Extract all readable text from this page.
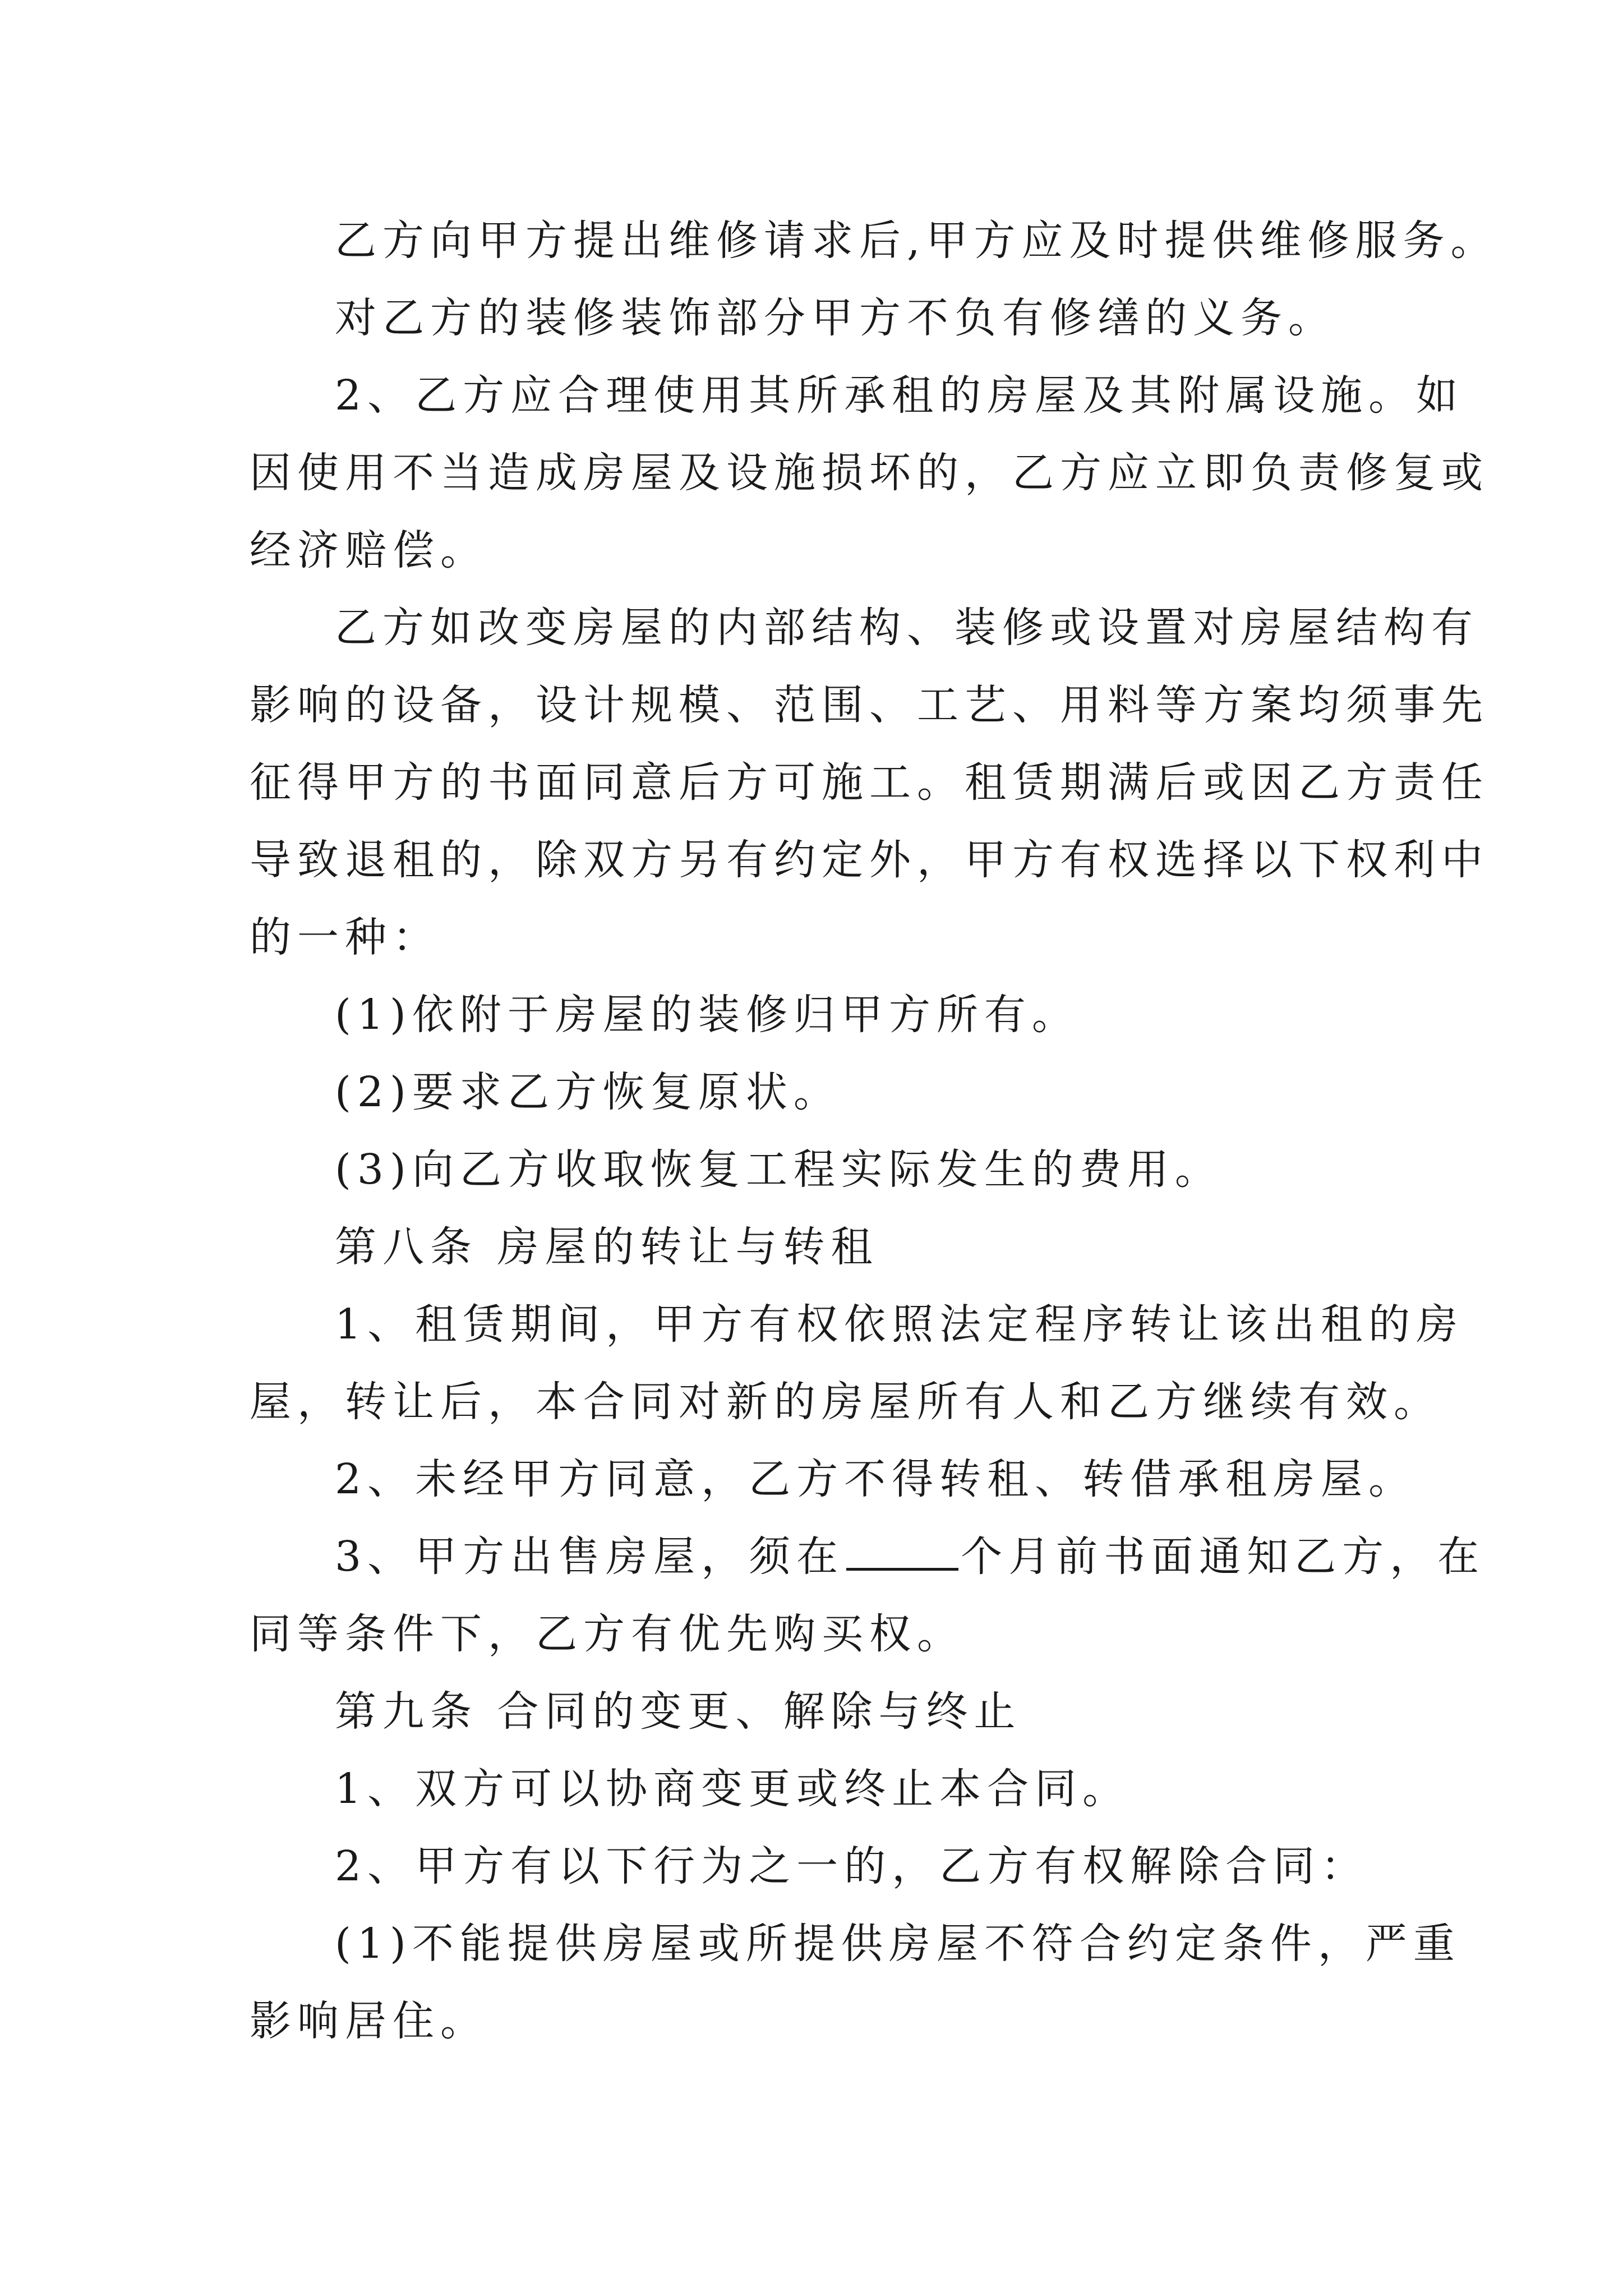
乙方向甲方提出维修请求后,甲方应及时提供维修服务。
对乙方的装修装饰部分甲方不负有修缮的义务。
2、乙方应合理使用其所承租的房屋及其附属设施。如
因使用不当造成房屋及设施损坏的，乙方应立即负责修复或
经济赔偿。
乙方如改变房屋的内部结构、装修或设置对房屋结构有
影响的设备，设计规模、范围、工艺、用料等方案均须事先
征得甲方的书面同意后方可施工。租赁期满后或因乙方责任
导致退租的，除双方另有约定外，甲方有权选择以下权利中
的一种：
(1)依附于房屋的装修归甲方所有。
(2)要求乙方恢复原状。
(3)向乙方收取恢复工程实际发生的费用。
第八条 房屋的转让与转租
1、租赁期间，甲方有权依照法定程序转让该出租的房
屋，转让后，本合同对新的房屋所有人和乙方继续有效。
2、未经甲方同意，乙方不得转租、转借承租房屋。
3、甲方出售房屋，须在	个月前书面通知乙方，在
同等条件下，乙方有优先购买权。
第九条 合同的变更、解除与终止
1、双方可以协商变更或终止本合同。
2、甲方有以下行为之一的，乙方有权解除合同：
(1)不能提供房屋或所提供房屋不符合约定条件，严重
影响居住。
